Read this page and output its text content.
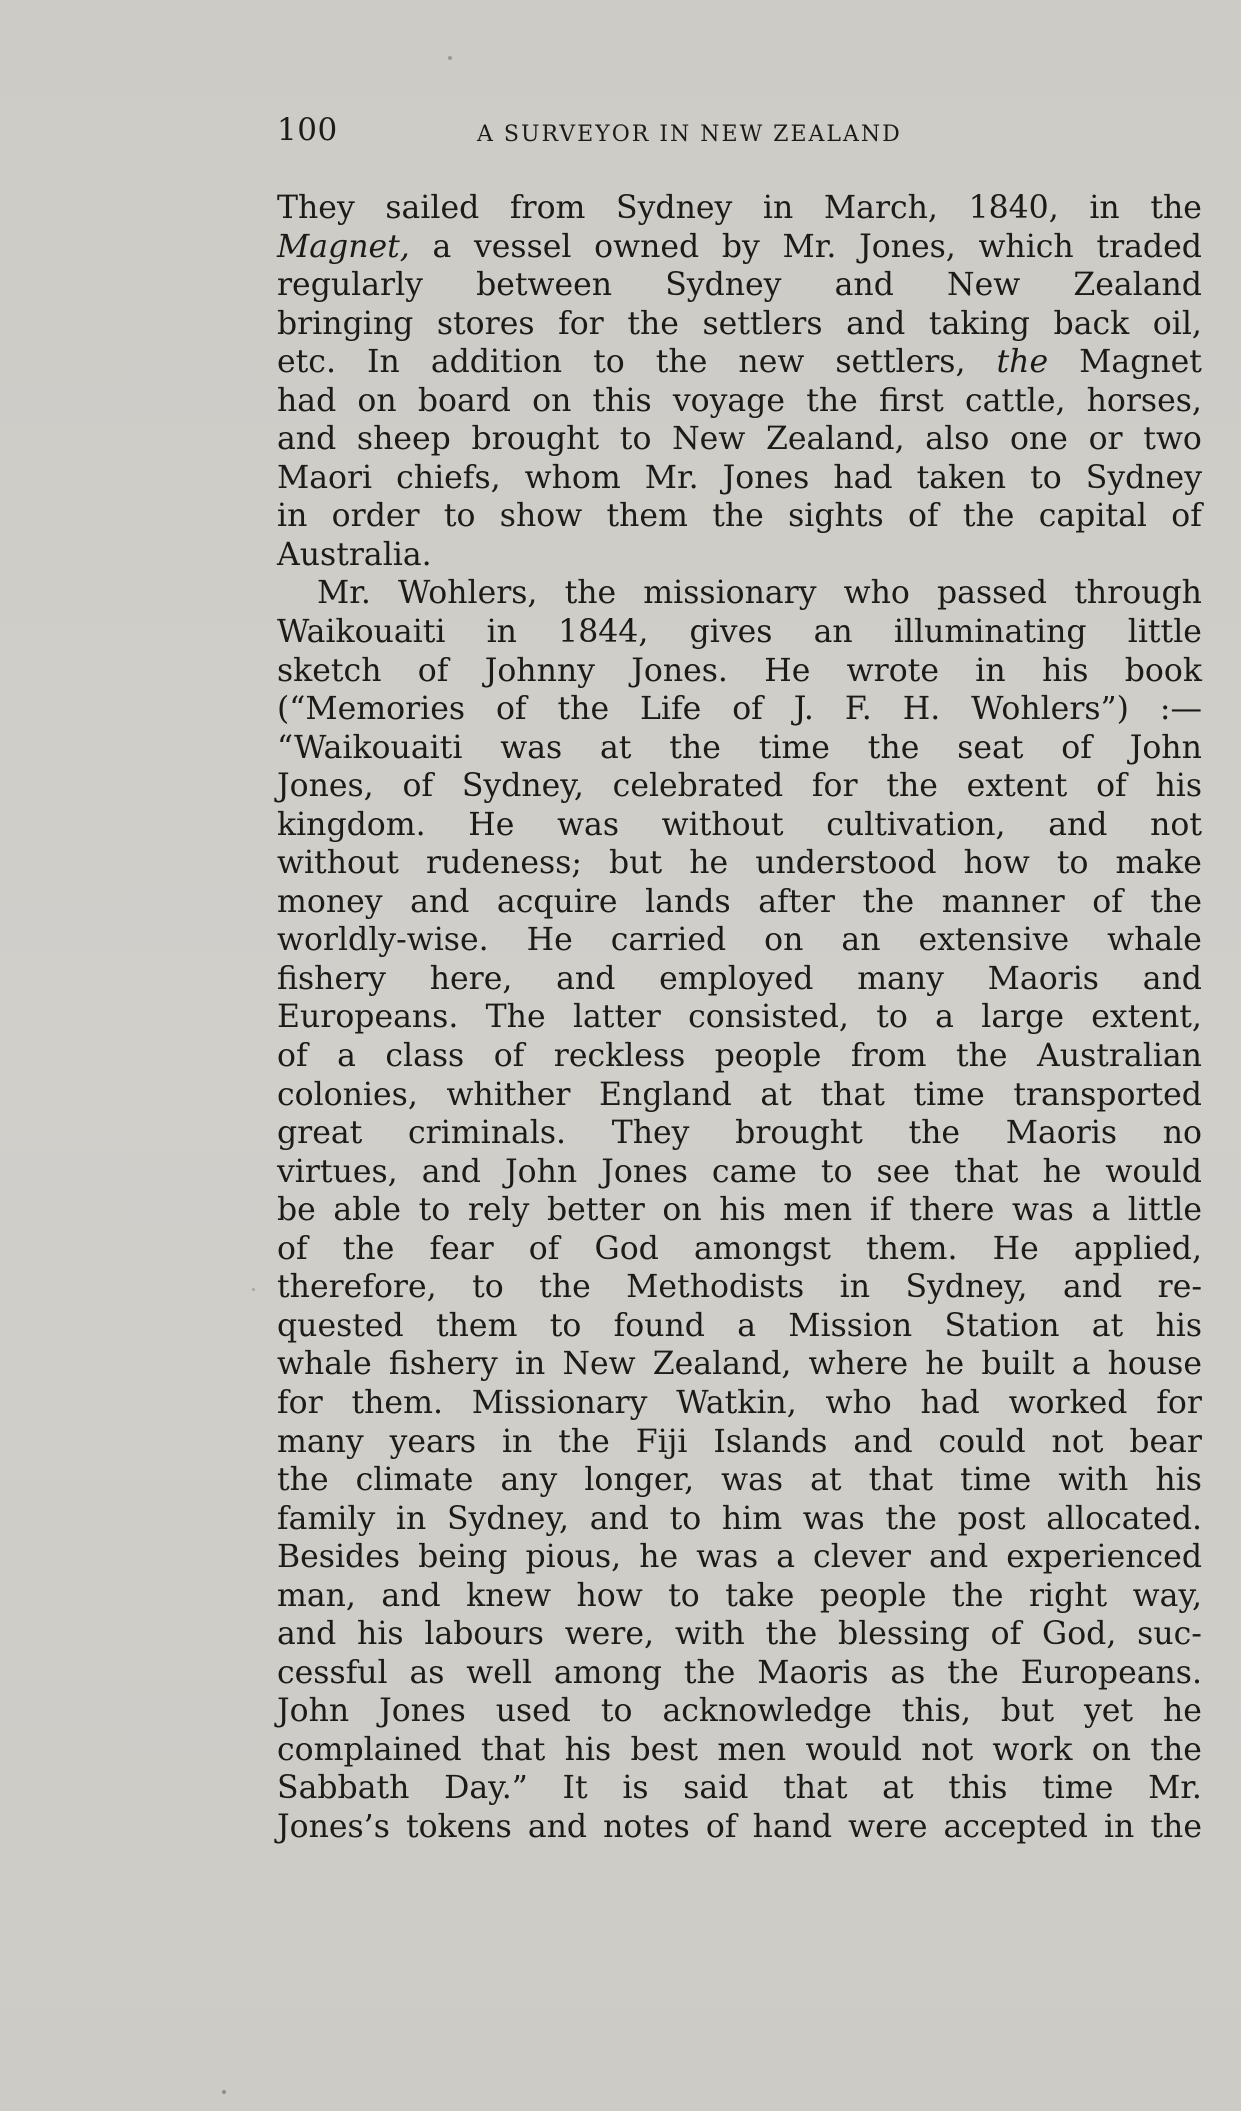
100	A SURVEYOR IN NEW ZEALAND
They sailed from Sydney in March, 1840, in the
Magnet, a vessel owned by Mr. Jones, which traded
regularly between Sydney and New Zealand
bringing stores for the settlers and taking back oil,
etc. In addition to the new settlers, the Magnet
had on board on this voyage the first cattle, horses,
and sheep brought to New Zealand, also one or two
Maori chiefs, whom Mr. Jones had taken to Sydney
in order to show them the sights of the capital of
Australia.
Mr. Wohlers, the missionary who passed through
Waikouaiti in 1844, gives an illuminating little
sketch of Johnny Jones. He wrote in his book
(“Memories of the Life of J. F. H. Wohlers”) :—
“Waikouaiti was at the time the seat of John
Jones, of Sydney, celebrated for the extent of his
kingdom. He was without cultivation, and not
without rudeness; but he understood how to make
money and acquire lands after the manner of the
worldly-wise. He carried on an extensive whale
fishery here, and employed many Maoris and
Europeans. The latter consisted, to a large extent,
of a class of reckless people from the Australian
colonies, whither England at that time transported
great criminals. They brought the Maoris no
virtues, and John Jones came to see that he would
be able to rely better on his men if there was a little
of the fear of God amongst them. He applied,
therefore, to the Methodists in Sydney, and re-
quested them to found a Mission Station at his
whale fishery in New Zealand, where he built a house
for them. Missionary Watkin, who had worked for
many years in the Fiji Islands and could not bear
the climate any longer, was at that time with his
family in Sydney, and to him was the post allocated.
Besides being pious, he was a clever and experienced
man, and knew how to take people the right way,
and his labours were, with the blessing of God, suc-
cessful as well among the Maoris as the Europeans.
John Jones used to acknowledge this, but yet he
complained that his best men would not work on the
Sabbath Day.” It is said that at this time Mr.
Jones’s tokens and notes of hand were accepted in the
